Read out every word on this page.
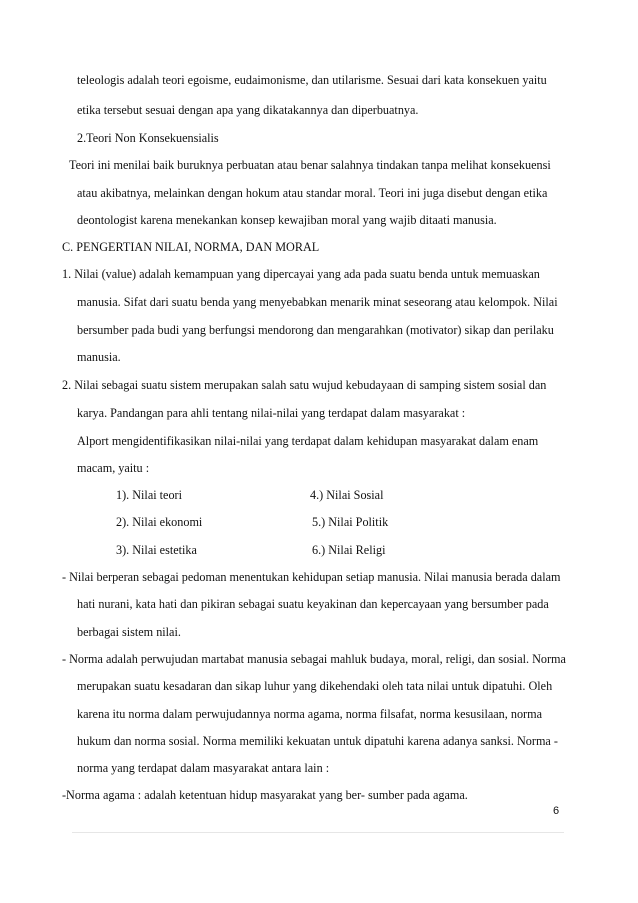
teleologis adalah teori egoisme, eudaimonisme, dan utilarisme. Sesuai dari kata konsekuen yaitu
etika tersebut sesuai dengan apa yang dikatakannya dan diperbuatnya.
2.Teori Non Konsekuensialis
Teori ini menilai baik buruknya perbuatan atau benar salahnya tindakan tanpa melihat konsekuensi
atau akibatnya, melainkan dengan hokum atau standar moral. Teori ini juga disebut dengan etika
deontologist karena menekankan konsep kewajiban moral yang wajib ditaati manusia.
C. PENGERTIAN NILAI, NORMA, DAN MORAL
1. Nilai (value) adalah kemampuan yang dipercayai yang ada pada suatu benda untuk memuaskan
manusia. Sifat dari suatu benda yang menyebabkan menarik minat seseorang atau kelompok. Nilai
bersumber pada budi yang berfungsi mendorong dan mengarahkan (motivator) sikap dan perilaku
manusia.
2. Nilai sebagai suatu sistem merupakan salah satu wujud kebudayaan di samping sistem sosial dan
karya. Pandangan para ahli tentang nilai-nilai yang terdapat dalam masyarakat :
Alport mengidentifikasikan nilai-nilai yang terdapat dalam kehidupan masyarakat dalam enam
macam, yaitu :
1). Nilai teori	4.) Nilai Sosial
2). Nilai ekonomi	5.) Nilai Politik
3). Nilai estetika	6.) Nilai Religi
- Nilai berperan sebagai pedoman menentukan kehidupan setiap manusia. Nilai manusia berada dalam
hati nurani, kata hati dan pikiran sebagai suatu keyakinan dan kepercayaan yang bersumber pada
berbagai sistem nilai.
- Norma adalah perwujudan martabat manusia sebagai mahluk budaya, moral, religi, dan sosial. Norma
merupakan suatu kesadaran dan sikap luhur yang dikehendaki oleh tata nilai untuk dipatuhi. Oleh
karena itu norma dalam perwujudannya norma agama, norma filsafat, norma kesusilaan, norma
hukum dan norma sosial. Norma memiliki kekuatan untuk dipatuhi karena adanya sanksi. Norma -
norma yang terdapat dalam masyarakat antara lain :
-Norma agama : adalah ketentuan hidup masyarakat yang ber- sumber pada agama.
6
